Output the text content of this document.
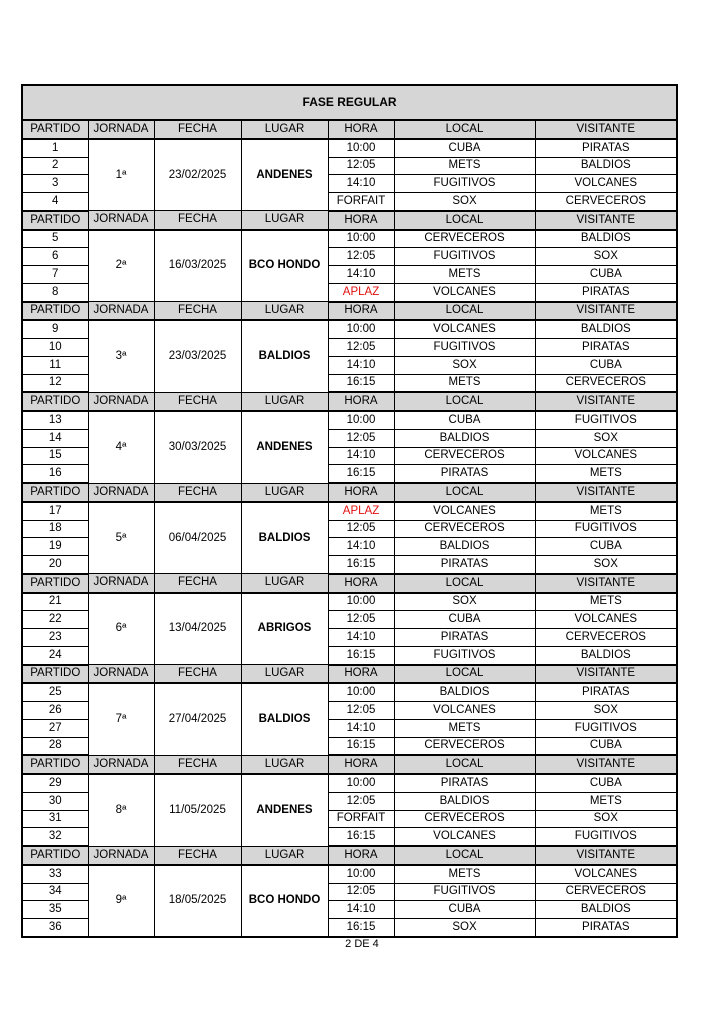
FASE REGULAR						
PARTIDO	JORNADA	FECHA	LUGAR	HORA	LOCAL	VISITANTE
1	1ª	23/02/2025	ANDENES	10:00	CUBA	PIRATAS
2				12:05	METS	BALDIOS
3				14:10	FUGITIVOS	VOLCANES
4				FORFAIT	SOX	CERVECEROS
PARTIDO	JORNADA	FECHA	LUGAR	HORA	LOCAL	VISITANTE
5	2ª	16/03/2025	BCO HONDO	10:00	CERVECEROS	BALDIOS
6				12:05	FUGITIVOS	SOX
7				14:10	METS	CUBA
8				APLAZ	VOLCANES	PIRATAS
PARTIDO	JORNADA	FECHA	LUGAR	HORA	LOCAL	VISITANTE
9	3ª	23/03/2025	BALDIOS	10:00	VOLCANES	BALDIOS
10				12:05	FUGITIVOS	PIRATAS
11				14:10	SOX	CUBA
12				16:15	METS	CERVECEROS
PARTIDO	JORNADA	FECHA	LUGAR	HORA	LOCAL	VISITANTE
13	4ª	30/03/2025	ANDENES	10:00	CUBA	FUGITIVOS
14				12:05	BALDIOS	SOX
15				14:10	CERVECEROS	VOLCANES
16				16:15	PIRATAS	METS
PARTIDO	JORNADA	FECHA	LUGAR	HORA	LOCAL	VISITANTE
17	5ª	06/04/2025	BALDIOS	APLAZ	VOLCANES	METS
18				12:05	CERVECEROS	FUGITIVOS
19				14:10	BALDIOS	CUBA
20				16:15	PIRATAS	SOX
PARTIDO	JORNADA	FECHA	LUGAR	HORA	LOCAL	VISITANTE
21	6ª	13/04/2025	ABRIGOS	10:00	SOX	METS
22				12:05	CUBA	VOLCANES
23				14:10	PIRATAS	CERVECEROS
24				16:15	FUGITIVOS	BALDIOS
PARTIDO	JORNADA	FECHA	LUGAR	HORA	LOCAL	VISITANTE
25	7ª	27/04/2025	BALDIOS	10:00	BALDIOS	PIRATAS
26				12:05	VOLCANES	SOX
27				14:10	METS	FUGITIVOS
28				16:15	CERVECEROS	CUBA
PARTIDO	JORNADA	FECHA	LUGAR	HORA	LOCAL	VISITANTE
29	8ª	11/05/2025	ANDENES	10:00	PIRATAS	CUBA
30				12:05	BALDIOS	METS
31				FORFAIT	CERVECEROS	SOX
32				16:15	VOLCANES	FUGITIVOS
PARTIDO	JORNADA	FECHA	LUGAR	HORA	LOCAL	VISITANTE
33	9ª	18/05/2025	BCO HONDO	10:00	METS	VOLCANES
34				12:05	FUGITIVOS	CERVECEROS
35				14:10	CUBA	BALDIOS
36				16:15	SOX	PIRATAS
2 DE 4
